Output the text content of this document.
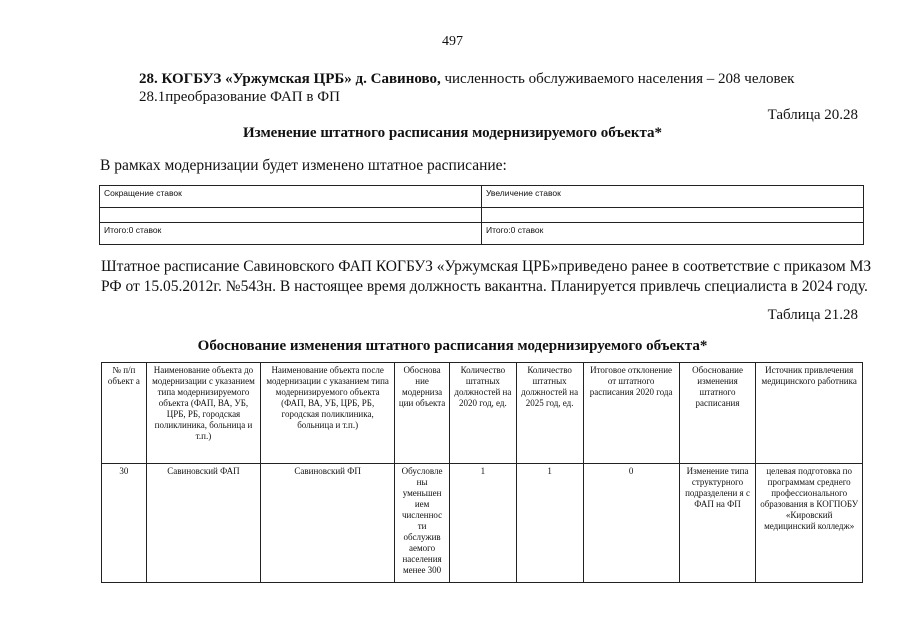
497
28. КОГБУЗ «Уржумская ЦРБ» д. Савиново, численность обслуживаемого населения – 208 человек
28.1преобразование ФАП в ФП
Таблица 20.28
Изменение штатного расписания модернизируемого объекта*
В рамках модернизации будет изменено штатное расписание:
Сокращение ставок	Увеличение ставок

Итого:0 ставок	Итого:0 ставок
Штатное расписание Савиновского ФАП КОГБУЗ «Уржумская ЦРБ»приведено ранее в соответствие с приказом МЗ
РФ от 15.05.2012г. №543н. В настоящее время должность вакантна. Планируется привлечь специалиста в 2024 году.
Таблица 21.28
Обоснование изменения штатного расписания модернизируемого объекта*
№ п/п объект а	Наименование объекта до модернизации с указанием типа модернизируемого объекта (ФАП, ВА, УБ, ЦРБ, РБ, городская поликлиника, больница и т.п.)	Наименование объекта после модернизации с указанием типа модернизируемого объекта (ФАП, ВА, УБ, ЦРБ, РБ, городская поликлиника, больница и т.п.)	Обоснова ние модерниза ции объекта	Количество штатных должностей на 2020 год, ед.	Количество штатных должностей на 2025 год, ед.	Итоговое отклонение от штатного расписания 2020 года	Обоснование изменения штатного расписания	Источник привлечения медицинского работника
30	Савиновский ФАП	Савиновский ФП	Обусловле ны уменьшен ием численнос ти обслужив аемого населения менее 300	1	1	0	Изменение типа структурного подразделени я с ФАП на ФП	целевая подготовка по программам среднего профессионального образования в КОГПОБУ «Кировский медицинский колледж»
